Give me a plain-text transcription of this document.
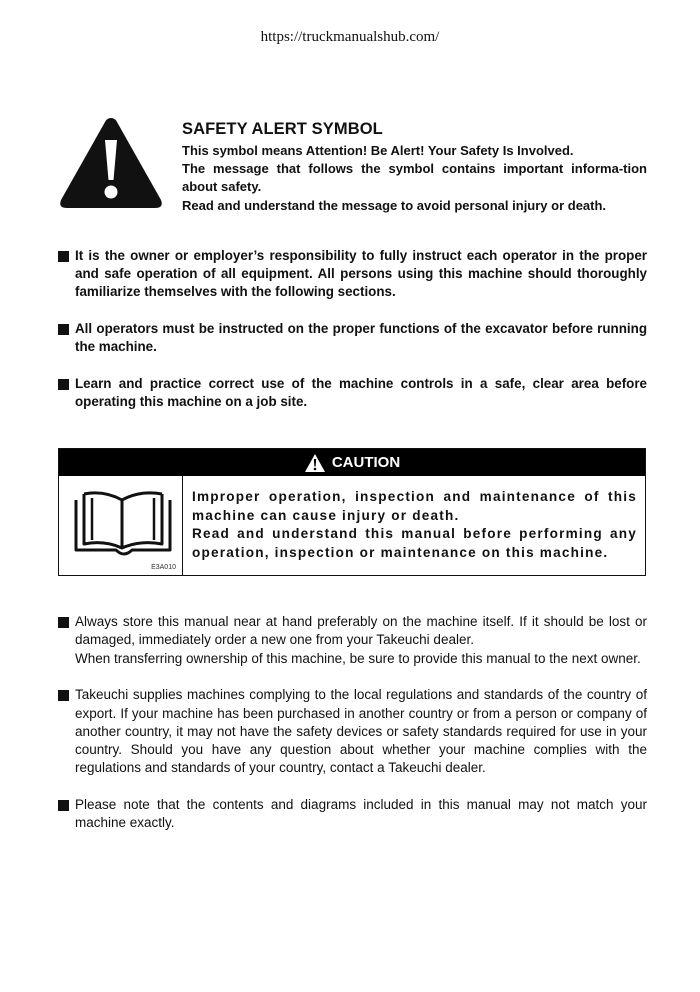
https://truckmanualshub.com/
SAFETY ALERT SYMBOL
This symbol means Attention! Be Alert! Your Safety Is Involved.
The message that follows the symbol contains important informa-tion about safety.
Read and understand the message to avoid personal injury or death.
It is the owner or employer’s responsibility to fully instruct each operator in the proper and safe operation of all equipment. All persons using this machine should thoroughly familiarize themselves with the following sections.
All operators must be instructed on the proper functions of the excavator before running the machine.
Learn and practice correct use of the machine controls in a safe, clear area before operating this machine on a job site.
CAUTION
E3A010
Improper operation, inspection and maintenance of this machine can cause injury or death.
Read and understand this manual before performing any operation, inspection or maintenance on this machine.

Always store this manual near at hand preferably on the machine itself. If it should be lost or damaged, immediately order a new one from your Takeuchi dealer.

When transferring ownership of this machine, be sure to provide this manual to the next owner.

Takeuchi supplies machines complying to the local regulations and standards of the country of export. If your machine has been purchased in another country or from a person or company of another country, it may not have the safety devices or safety standards required for use in your country. Should you have any question about whether your machine complies with the regulations and standards of your country, contact a Takeuchi dealer.

Please note that the contents and diagrams included in this manual may not match your machine exactly.
